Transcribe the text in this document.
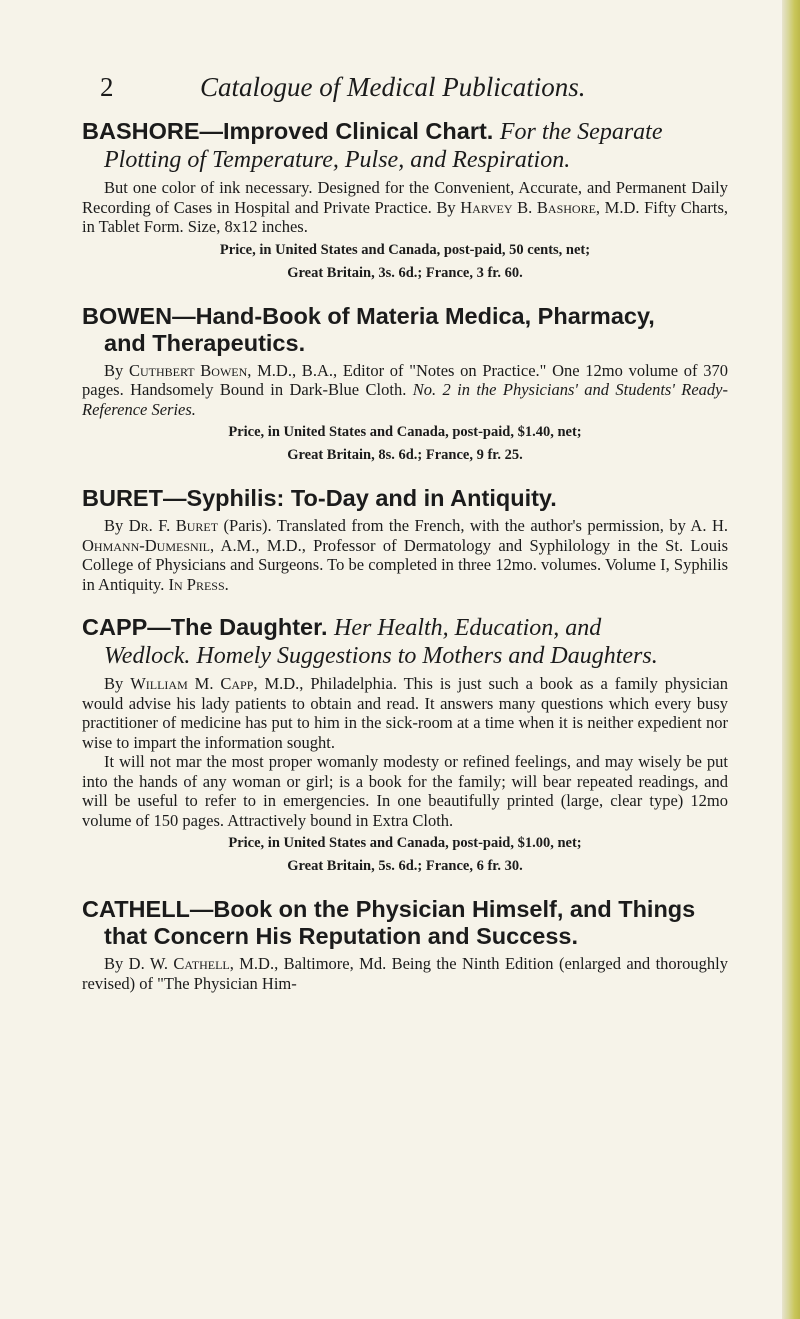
2	Catalogue of Medical Publications.
BASHORE—Improved Clinical Chart. For the Separate
Plotting of Temperature, Pulse, and Respiration.
But one color of ink necessary. Designed for the Convenient, Accurate, and Permanent Daily Recording of Cases in Hospital and Private Practice. By Harvey B. Bashore, M.D. Fifty Charts, in Tablet Form. Size, 8x12 inches.
Price, in United States and Canada, post-paid, 50 cents, net;
Great Britain, 3s. 6d.; France, 3 fr. 60.
BOWEN—Hand-Book of Materia Medica, Pharmacy,
and Therapeutics.
By Cuthbert Bowen, M.D., B.A., Editor of "Notes on Practice." One 12mo volume of 370 pages. Handsomely Bound in Dark-Blue Cloth. No. 2 in the Physicians' and Students' Ready-Reference Series.
Price, in United States and Canada, post-paid, $1.40, net;
Great Britain, 8s. 6d.; France, 9 fr. 25.
BURET—Syphilis: To-Day and in Antiquity.
By Dr. F. Buret (Paris). Translated from the French, with the author's permission, by A. H. Ohmann-Dumesnil, A.M., M.D., Professor of Dermatology and Syphilology in the St. Louis College of Physicians and Surgeons. To be completed in three 12mo. volumes. Volume I, Syphilis in Antiquity. In Press.
CAPP—The Daughter. Her Health, Education, and
Wedlock. Homely Suggestions to Mothers and Daughters.
By William M. Capp, M.D., Philadelphia. This is just such a book as a family physician would advise his lady patients to obtain and read. It answers many questions which every busy practitioner of medicine has put to him in the sick-room at a time when it is neither expedient nor wise to impart the information sought.
It will not mar the most proper womanly modesty or refined feelings, and may wisely be put into the hands of any woman or girl; is a book for the family; will bear repeated readings, and will be useful to refer to in emergencies. In one beautifully printed (large, clear type) 12mo volume of 150 pages. Attractively bound in Extra Cloth.
Price, in United States and Canada, post-paid, $1.00, net;
Great Britain, 5s. 6d.; France, 6 fr. 30.
CATHELL—Book on the Physician Himself, and Things
that Concern His Reputation and Success.
By D. W. Cathell, M.D., Baltimore, Md. Being the Ninth Edition (enlarged and thoroughly revised) of "The Physician Him-
